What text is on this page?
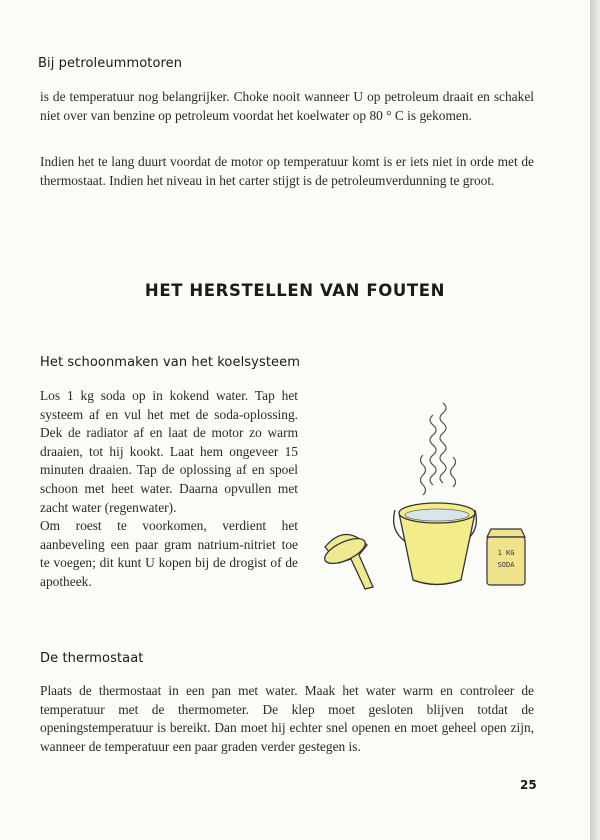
Bij petroleummotoren

is de temperatuur nog belangrijker. Choke nooit wanneer U op petroleum draait en schakel niet over van benzine op petroleum voordat het koelwater op 80 ° C is gekomen.

Indien het te lang duurt voordat de motor op temperatuur komt is er iets niet in orde met de thermostaat. Indien het niveau in het carter stijgt is de petroleumverdunning te groot.

HET HERSTELLEN VAN FOUTEN
Het schoonmaken van het koelsysteem

Los 1 kg soda op in kokend water. Tap het systeem af en vul het met de soda-oplossing. Dek de radiator af en laat de motor zo warm draaien, tot hij kookt. Laat hem ongeveer 15 minuten draaien. Tap de oplossing af en spoel schoon met heet water. Daarna opvullen met zacht water (regenwater).

Om roest te voorkomen, verdient het aanbeveling een paar gram natrium-nitriet toe te voegen; dit kunt U kopen bij de drogist of de apotheek.

1 KG
SODA
De thermostaat

Plaats de thermostaat in een pan met water. Maak het water warm en controleer de temperatuur met de thermometer. De klep moet gesloten blijven totdat de openingstemperatuur is bereikt. Dan moet hij echter snel openen en moet geheel open zijn, wanneer de temperatuur een paar graden verder gestegen is.

25
